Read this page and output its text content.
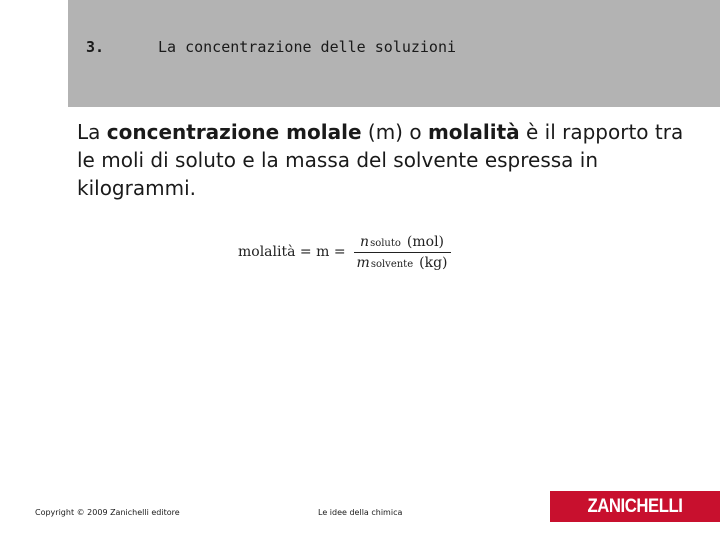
3.	La concentrazione delle soluzioni
La concentrazione molale (m) o molalità è il rapporto tra le moli di soluto e la massa del solvente espressa in kilogrammi.
molalità = $m = \frac{\text{n soluto (mol)}}{\text{m solvente (kg)}}$
Copyright © 2009 Zanichelli editore	Le idee della chimica	ZANICHELLI
